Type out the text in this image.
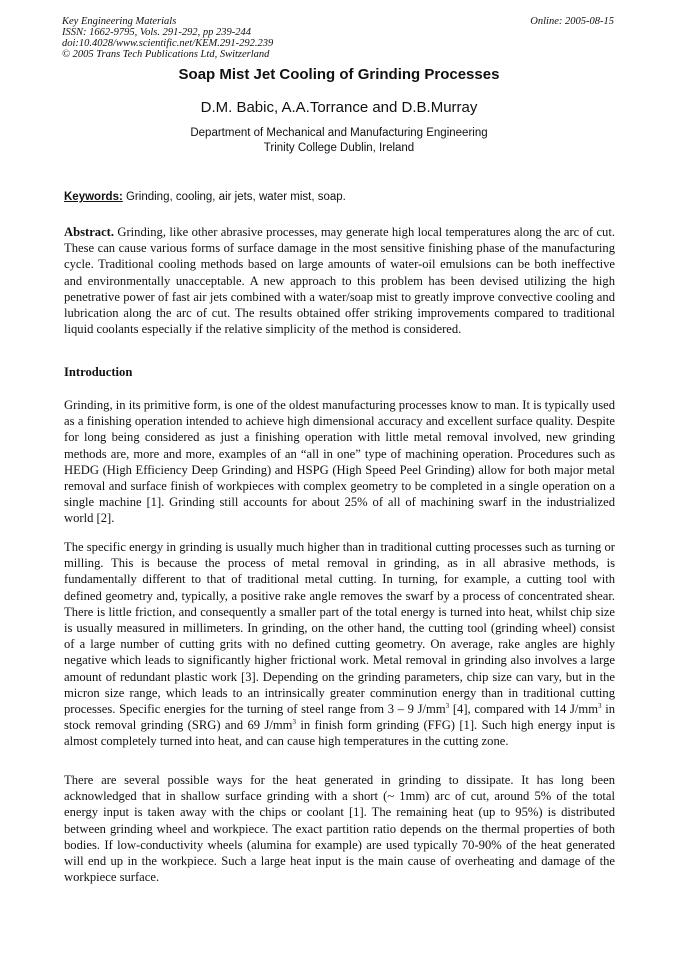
Key Engineering Materials
ISSN: 1662-9795, Vols. 291-292, pp 239-244
doi:10.4028/www.scientific.net/KEM.291-292.239
© 2005 Trans Tech Publications Ltd, Switzerland
Online: 2005-08-15
Soap Mist Jet Cooling of Grinding Processes
D.M. Babic, A.A.Torrance and D.B.Murray
Department of Mechanical and Manufacturing Engineering
Trinity College Dublin, Ireland
Keywords: Grinding, cooling, air jets, water mist, soap.
Abstract. Grinding, like other abrasive processes, may generate high local temperatures along the arc of cut. These can cause various forms of surface damage in the most sensitive finishing phase of the manufacturing cycle. Traditional cooling methods based on large amounts of water-oil emulsions can be both ineffective and environmentally unacceptable. A new approach to this problem has been devised utilizing the high penetrative power of fast air jets combined with a water/soap mist to greatly improve convective cooling and lubrication along the arc of cut. The results obtained offer striking improvements compared to traditional liquid coolants especially if the relative simplicity of the method is considered.
Introduction
Grinding, in its primitive form, is one of the oldest manufacturing processes know to man. It is typically used as a finishing operation intended to achieve high dimensional accuracy and excellent surface quality. Despite for long being considered as just a finishing operation with little metal removal involved, new grinding methods are, more and more, examples of an “all in one” type of machining operation. Procedures such as HEDG (High Efficiency Deep Grinding) and HSPG (High Speed Peel Grinding) allow for both major metal removal and surface finish of workpieces with complex geometry to be completed in a single operation on a single machine [1]. Grinding still accounts for about 25% of all of machining swarf in the industrialized world [2].
The specific energy in grinding is usually much higher than in traditional cutting processes such as turning or milling. This is because the process of metal removal in grinding, as in all abrasive methods, is fundamentally different to that of traditional metal cutting. In turning, for example, a cutting tool with defined geometry and, typically, a positive rake angle removes the swarf by a process of concentrated shear. There is little friction, and consequently a smaller part of the total energy is turned into heat, whilst chip size is usually measured in millimeters. In grinding, on the other hand, the cutting tool (grinding wheel) consist of a large number of cutting grits with no defined cutting geometry. On average, rake angles are highly negative which leads to significantly higher frictional work. Metal removal in grinding also involves a large amount of redundant plastic work [3]. Depending on the grinding parameters, chip size can vary, but in the micron size range, which leads to an intrinsically greater comminution energy than in traditional cutting processes. Specific energies for the turning of steel range from 3 – 9 $J/mm^3$ [4], compared with 14 $J/mm^3$ in stock removal grinding (SRG) and 69 $J/mm^3$ in finish form grinding (FFG) [1]. Such high energy input is almost completely turned into heat, and can cause high temperatures in the cutting zone.
There are several possible ways for the heat generated in grinding to dissipate. It has long been acknowledged that in shallow surface grinding with a short (~ 1mm) arc of cut, around 5% of the total energy input is taken away with the chips or coolant [1]. The remaining heat (up to 95%) is distributed between grinding wheel and workpiece. The exact partition ratio depends on the thermal properties of both bodies. If low-conductivity wheels (alumina for example) are used typically 70-90% of the heat generated will end up in the workpiece. Such a large heat input is the main cause of overheating and damage of the workpiece surface.
